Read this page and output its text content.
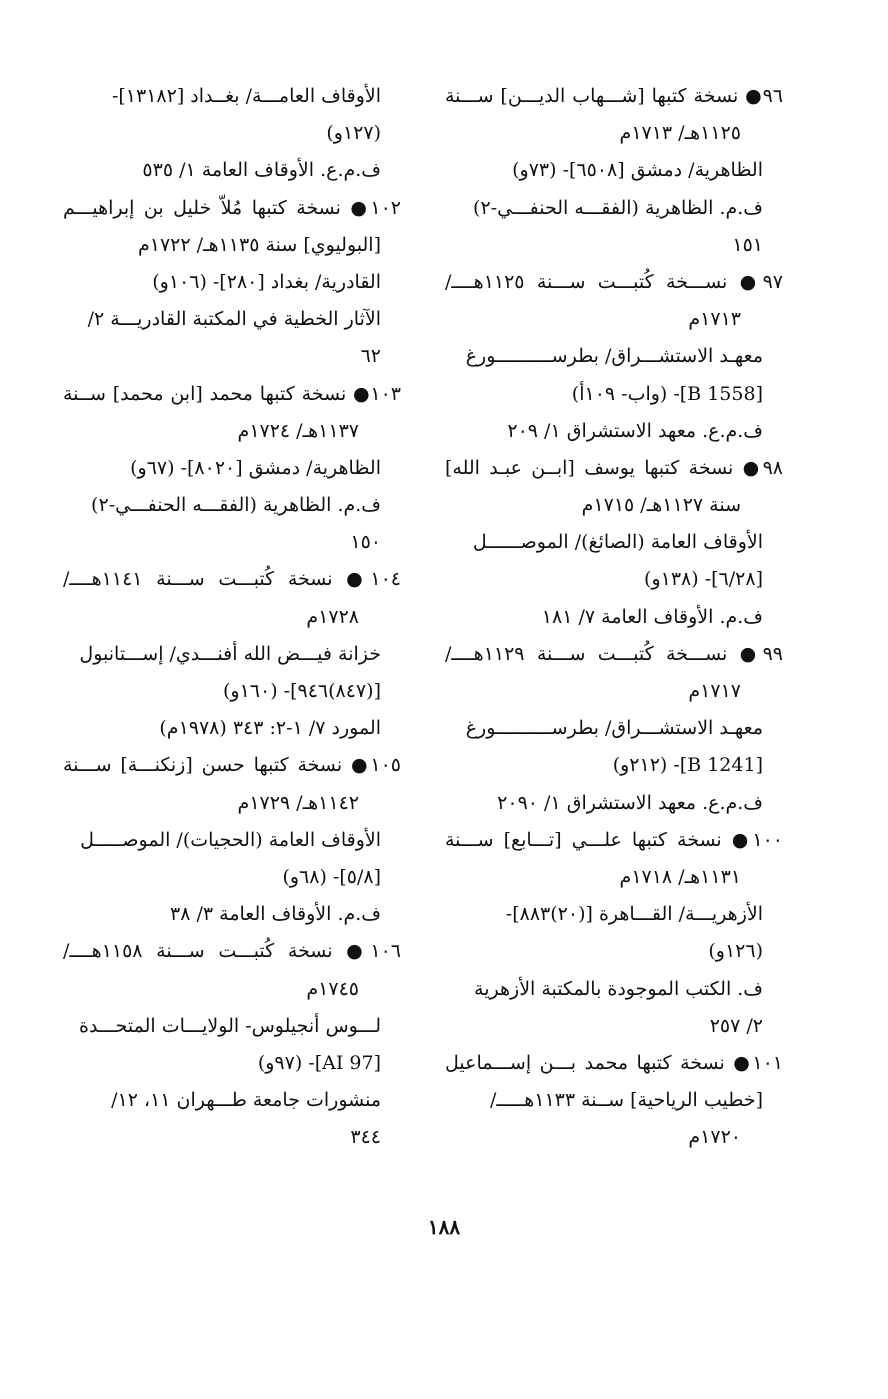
٩٦● نسخة كتبها [شـــهاب الديـــن] ســـنة
١١٢٥هـ/ ١٧١٣م
الظاهرية/ دمشق [٦٥٠٨]- (٧٣و)
ف.م. الظاهرية (الفقـــه الحنفـــي-٢)
١٥١
٩٧● نســـخة كُتبـــت ســـنة ١١٢٥هــــ/
١٧١٣م
معهـد الاستشـــراق/ بطرســــــــــورغ
[B 1558]- (واب- ١٠٩أ)
ف.م.ع. معهد الاستشراق ١/ ٢٠٩
٩٨● نسخة كتبها يوسف [ابــن عبـد الله]
سنة ١١٢٧هـ/ ١٧١٥م
الأوقاف العامة (الصائغ)/ الموصــــــل
[٦/٢٨]- (١٣٨و)
ف.م. الأوقاف العامة ٧/ ١٨١
٩٩● نســـخة كُتبـــت ســـنة ١١٢٩هــــ/
١٧١٧م
معهـد الاستشـــراق/ بطرســــــــــورغ
[B 1241]- (٢١٢و)
ف.م.ع. معهد الاستشراق ١/ ٢٠٩٠
١٠٠● نسخة كتبها علـــي [تـــابع] ســـنة
١١٣١هـ/ ١٧١٨م
الأزهريـــة/ القـــاهرة [(٢٠)٨٨٣]-
(١٢٦و)
ف. الكتب الموجودة بالمكتبة الأزهرية
٢/ ٢٥٧
١٠١● نسخة كتبها محمد بـــن إســـماعيل
[خطيب الرياحية] ســنة ١١٣٣هـــــ/
١٧٢٠م
الأوقاف العامـــة/ بغــداد [١٣١٨٢]-
(١٢٧و)
ف.م.ع. الأوقاف العامة ١/ ٥٣٥
١٠٢● نسخة كتبها مُلاّ خليل بن إبراهيـــم
[البوليوي] سنة ١١٣٥هـ/ ١٧٢٢م
القادرية/ بغداد [٢٨٠]- (١٠٦و)
الآثار الخطية في المكتبة القادريـــة ٢/
٦٢
١٠٣● نسخة كتبها محمد [ابن محمد] ســنة
١١٣٧هـ/ ١٧٢٤م
الظاهرية/ دمشق [٨٠٢٠]- (٦٧و)
ف.م. الظاهرية (الفقـــه الحنفـــي-٢)
١٥٠
١٠٤● نسخة كُتبـــت ســـنة ١١٤١هــــ/
١٧٢٨م
خزانة فيـــض الله أفنـــدي/ إســـتانبول
[(٨٤٧)٩٤٦]- (١٦٠و)
المورد ٧/ ١-٢: ٣٤٣ (١٩٧٨م)
١٠٥● نسخة كتبها حسن [زنكنـــة] ســـنة
١١٤٢هـ/ ١٧٢٩م
الأوقاف العامة (الحجيات)/ الموصـــــل
[٥/٨]- (٦٨و)
ف.م. الأوقاف العامة ٣/ ٣٨
١٠٦● نسخة كُتبـــت ســـنة ١١٥٨هــــ/
١٧٤٥م
لـــوس أنجيلوس- الولايـــات المتحـــدة
[AI 97]- (٩٧و)
منشورات جامعة طـــهران ١١، ١٢/
٣٤٤
١٨٨
